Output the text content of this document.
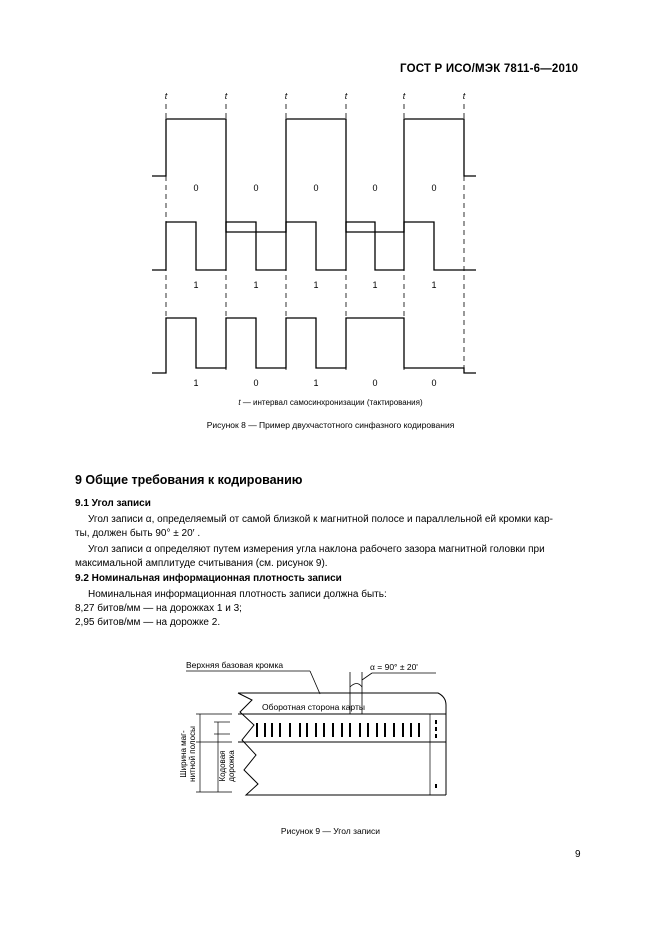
ГОСТ Р ИСО/МЭК 7811-6—2010
t	t	t	t	t	t
0	0	0	0	0
1	1	1	1	1
1	0	1	0	0
t — интервал самосинхронизации (тактирования)
Рисунок 8 — Пример двухчастотного синфазного кодирования
9 Общие требования к кодированию
9.1 Угол записи
Угол записи α, определяемый от самой близкой к магнитной полосе и параллельной ей кромки кар-
ты, должен быть 90° ± 20′ .
Угол записи α определяют путем измерения угла наклона рабочего зазора магнитной головки при
максимальной амплитуде считывания (см. рисунок 9).
9.2 Номинальная информационная плотность записи
Номинальная информационная плотность записи должна быть:
8,27 битов/мм — на дорожках 1 и 3;
2,95 битов/мм — на дорожке 2.
Верхняя базовая кромка	α = 90° ± 20'
Оборотная сторона карты
Ширина маг- нитной полосы	Кодовая дорожка
Рисунок 9 — Угол записи
9
